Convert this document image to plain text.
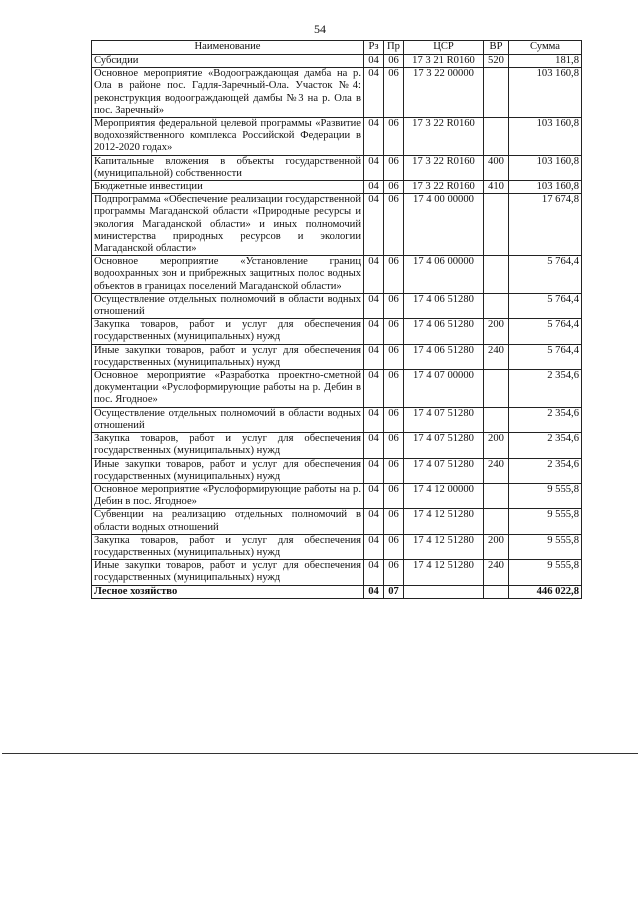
54
Наименование	Рз	Пр	ЦСР	ВР	Сумма
Субсидии	04	06	17 3 21 R0160	520	181,8
Основное мероприятие «Водоограждающая дамба на р. Ола в районе пос. Гадля-Заречный-Ола. Участок №4: реконструкция водоограждающей дамбы №3 на р. Ола в пос. Заречный»	04	06	17 3 22 00000		103 160,8
Мероприятия федеральной целевой программы «Развитие водохозяйственного комплекса Российской Федерации в 2012-2020 годах»	04	06	17 3 22 R0160		103 160,8
Капитальные вложения в объекты государственной (муниципальной) собственности	04	06	17 3 22 R0160	400	103 160,8
Бюджетные инвестиции	04	06	17 3 22 R0160	410	103 160,8
Подпрограмма «Обеспечение реализации государственной программы Магаданской области «Природные ресурсы и экология Магаданской области» и иных полномочий министерства природных ресурсов и экологии Магаданской области»	04	06	17 4 00 00000		17 674,8
Основное мероприятие «Установление границ водоохранных зон и прибрежных защитных полос водных объектов в границах поселений Магаданской области»	04	06	17 4 06 00000		5 764,4
Осуществление отдельных полномочий в области водных отношений	04	06	17 4 06 51280		5 764,4
Закупка товаров, работ и услуг для обеспечения государственных (муниципальных) нужд	04	06	17 4 06 51280	200	5 764,4
Иные закупки товаров, работ и услуг для обеспечения государственных (муниципальных) нужд	04	06	17 4 06 51280	240	5 764,4
Основное мероприятие «Разработка проектно-сметной документации «Руслоформирующие работы на р. Дебин в пос. Ягодное»	04	06	17 4 07 00000		2 354,6
Осуществление отдельных полномочий в области водных отношений	04	06	17 4 07 51280		2 354,6
Закупка товаров, работ и услуг для обеспечения государственных (муниципальных) нужд	04	06	17 4 07 51280	200	2 354,6
Иные закупки товаров, работ и услуг для обеспечения государственных (муниципальных) нужд	04	06	17 4 07 51280	240	2 354,6
Основное мероприятие «Руслоформирующие работы на р. Дебин в пос. Ягодное»	04	06	17 4 12 00000		9 555,8
Субвенции на реализацию отдельных полномочий в области водных отношений	04	06	17 4 12 51280		9 555,8
Закупка товаров, работ и услуг для обеспечения государственных (муниципальных) нужд	04	06	17 4 12 51280	200	9 555,8
Иные закупки товаров, работ и услуг для обеспечения государственных (муниципальных) нужд	04	06	17 4 12 51280	240	9 555,8
Лесное хозяйство	04	07			446 022,8
